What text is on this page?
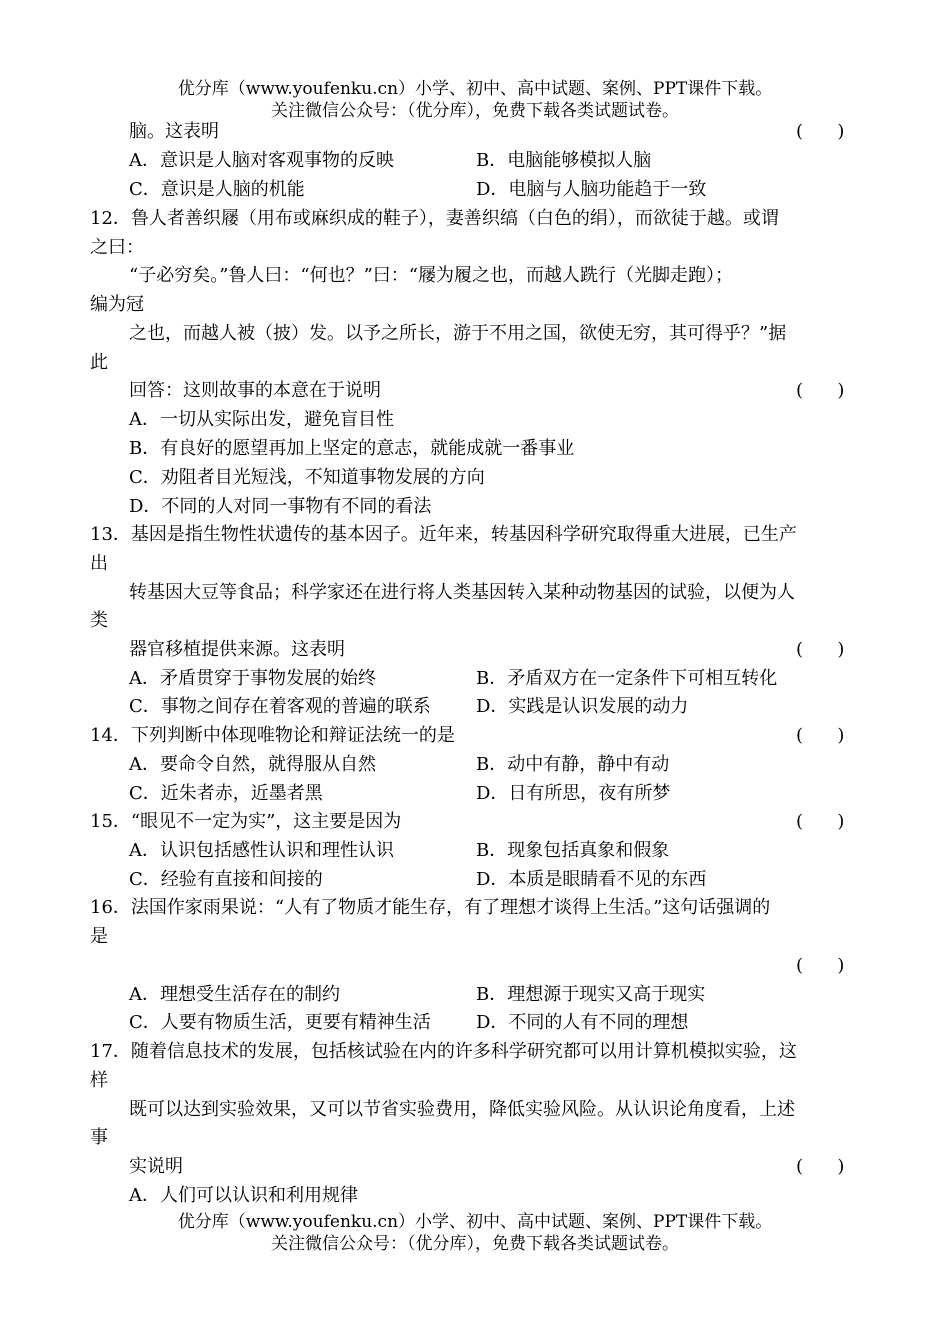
优分库（www.youfenku.cn）小学、初中、高中试题、案例、PPT课件下载。
关注微信公众号：（优分库），免费下载各类试题试卷。
脑。这表明	(      )
A．意识是人脑对客观事物的反映	B．电脑能够模拟人脑
C．意识是人脑的机能	D．电脑与人脑功能趋于一致
12．鲁人者善织屦（用布或麻织成的鞋子），妻善织缟（白色的绢），而欲徒于越。或谓
之曰：
“子必穷矣。”鲁人曰：“何也？”曰：“屦为履之也，而越人跣行（光脚走跑）；
编为冠
之也，而越人被（披）发。以予之所长，游于不用之国，欲使无穷，其可得乎？”据
此
回答：这则故事的本意在于说明	(      )
A．一切从实际出发，避免盲目性
B．有良好的愿望再加上坚定的意志，就能成就一番事业
C．劝阻者目光短浅，不知道事物发展的方向
D．不同的人对同一事物有不同的看法
13．基因是指生物性状遗传的基本因子。近年来，转基因科学研究取得重大进展，已生产
出
转基因大豆等食品；科学家还在进行将人类基因转入某种动物基因的试验，以便为人
类
器官移植提供来源。这表明	(      )
A．矛盾贯穿于事物发展的始终	B．矛盾双方在一定条件下可相互转化
C．事物之间存在着客观的普遍的联系	D．实践是认识发展的动力
14．下列判断中体现唯物论和辩证法统一的是	(      )
A．要命令自然，就得服从自然	B．动中有静，静中有动
C．近朱者赤，近墨者黑	D．日有所思，夜有所梦
15．“眼见不一定为实”，这主要是因为	(      )
A．认识包括感性认识和理性认识	B．现象包括真象和假象
C．经验有直接和间接的	D．本质是眼睛看不见的东西
16．法国作家雨果说：“人有了物质才能生存，有了理想才谈得上生活。”这句话强调的
是
(      )
A．理想受生活存在的制约	B．理想源于现实又高于现实
C．人要有物质生活，更要有精神生活	D．不同的人有不同的理想
17．随着信息技术的发展，包括核试验在内的许多科学研究都可以用计算机模拟实验，这
样
既可以达到实验效果，又可以节省实验费用，降低实验风险。从认识论角度看，上述
事
实说明	(      )
A．人们可以认识和利用规律
优分库（www.youfenku.cn）小学、初中、高中试题、案例、PPT课件下载。
关注微信公众号：（优分库），免费下载各类试题试卷。
